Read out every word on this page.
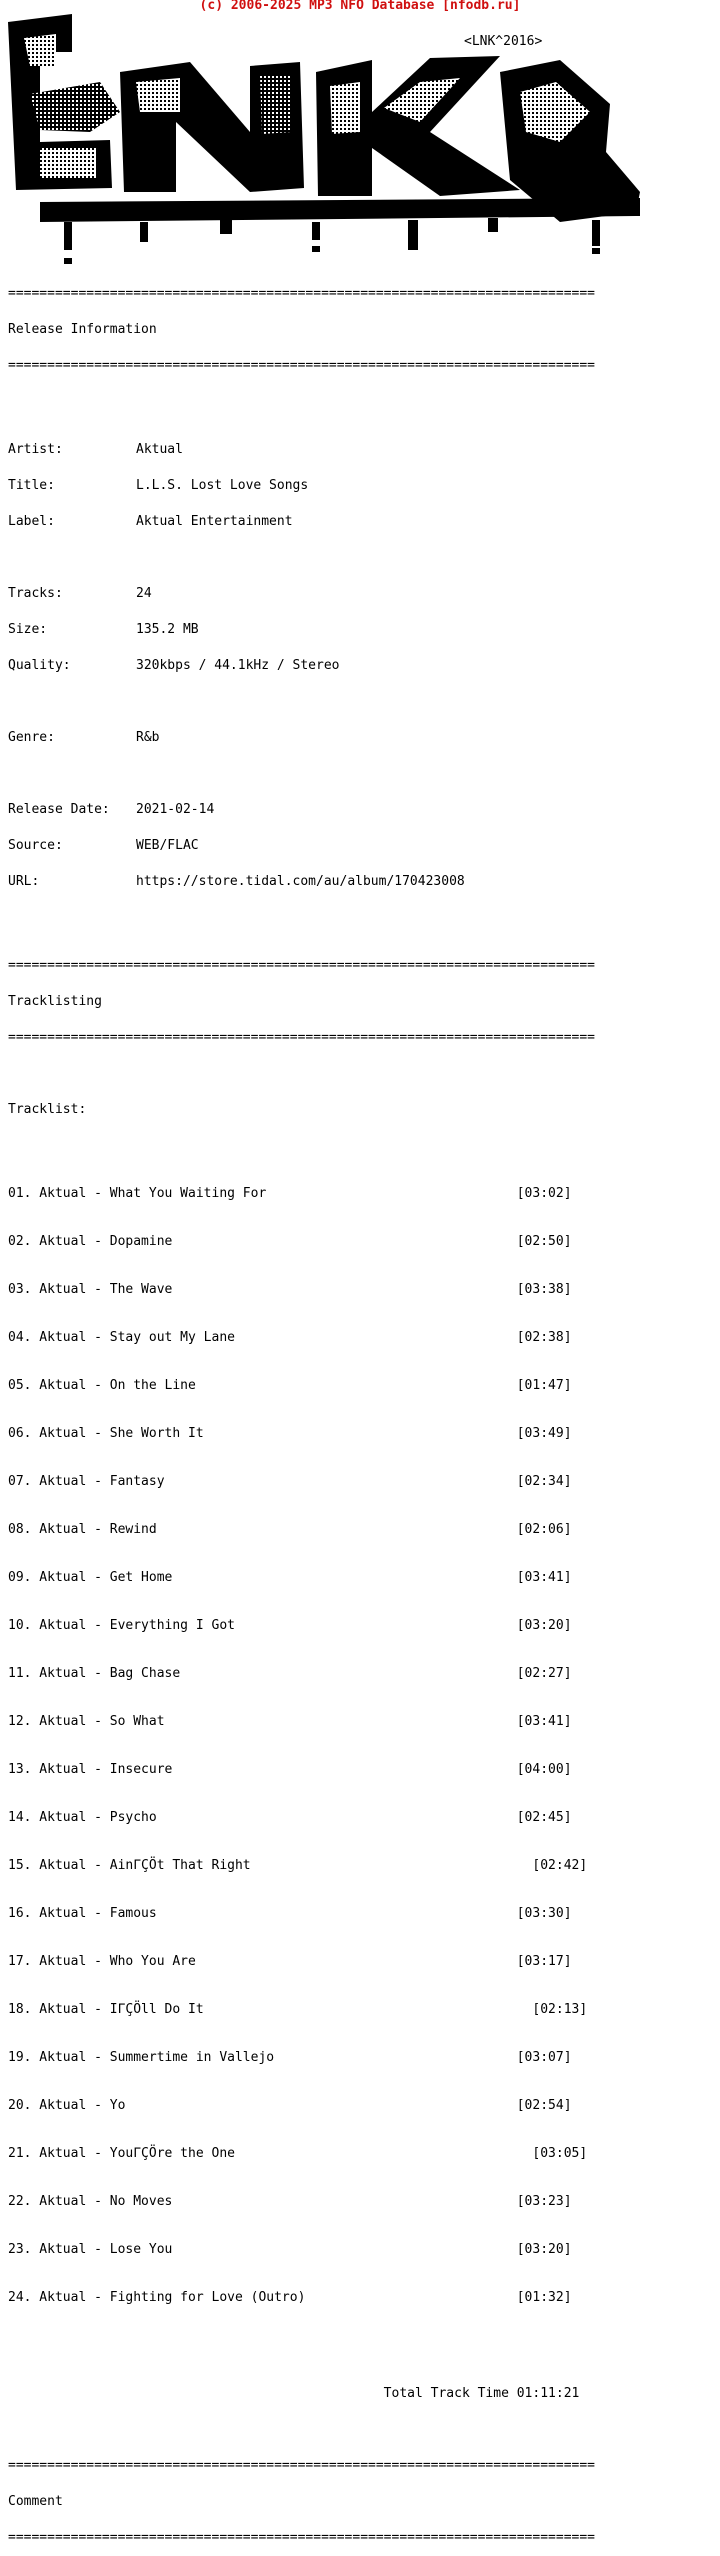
(c) 2006-2025 MP3 NFO Database [nfodb.ru]
<LNK^2016>

===========================================================================

Release Information

===========================================================================

Artist:	Aktual

Title:	L.L.S. Lost Love Songs

Label:	Aktual Entertainment

Tracks:	24

Size:	135.2 MB

Quality:	320kbps / 44.1kHz / Stereo

Genre:	R&b

Release Date: 2021-02-14

Source:	WEB/FLAC

URL:	https://store.tidal.com/au/album/170423008

===========================================================================

Tracklisting

===========================================================================

Tracklist:

01. Aktual - What You Waiting For                                [03:02]

02. Aktual - Dopamine                                            [02:50]

03. Aktual - The Wave                                            [03:38]

04. Aktual - Stay out My Lane                                    [02:38]

05. Aktual - On the Line                                         [01:47]

06. Aktual - She Worth It                                        [03:49]

07. Aktual - Fantasy                                             [02:34]

08. Aktual - Rewind                                              [02:06]

09. Aktual - Get Home                                            [03:41]

10. Aktual - Everything I Got                                    [03:20]

11. Aktual - Bag Chase                                           [02:27]

12. Aktual - So What                                             [03:41]

13. Aktual - Insecure                                            [04:00]

14. Aktual - Psycho                                              [02:45]

15. Aktual - AinΓÇÖt That Right                                    [02:42]

16. Aktual - Famous                                              [03:30]

17. Aktual - Who You Are                                         [03:17]

18. Aktual - IΓÇÖll Do It                                          [02:13]

19. Aktual - Summertime in Vallejo                               [03:07]

20. Aktual - Yo                                                  [02:54]

21. Aktual - YouΓÇÖre the One                                      [03:05]

22. Aktual - No Moves                                            [03:23]

23. Aktual - Lose You                                            [03:20]

24. Aktual - Fighting for Love (Outro)                           [01:32]

Total Track Time 01:11:21

===========================================================================

Comment

===========================================================================
